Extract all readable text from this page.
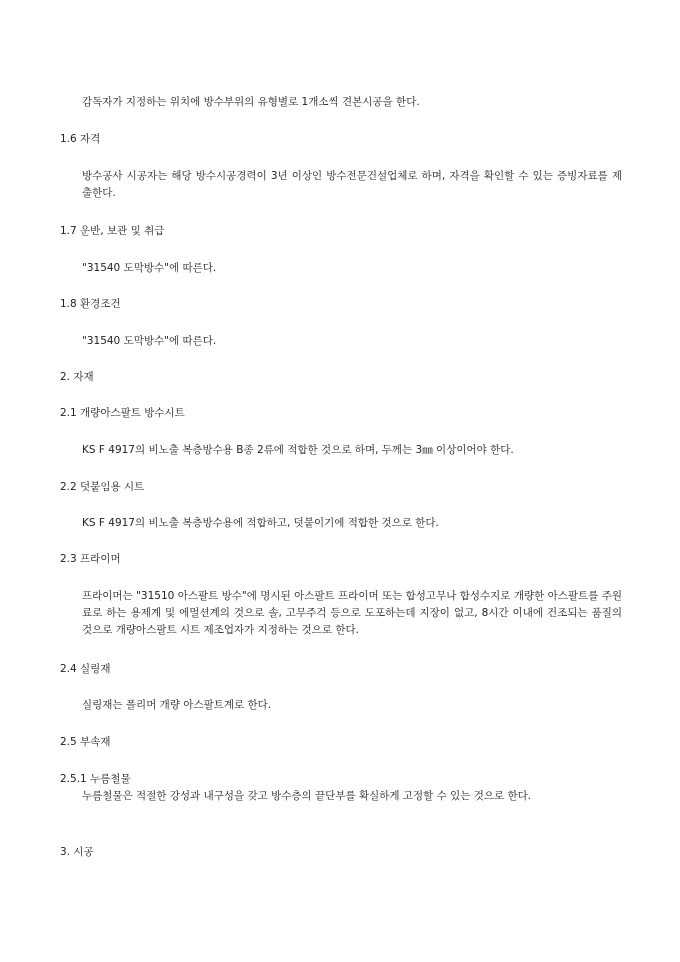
감독자가 지정하는 위치에 방수부위의 유형별로 1개소씩 견본시공을 한다.

1.6 자격

방수공사 시공자는 해당 방수시공경력이 3년 이상인 방수전문건설업체로 하며, 자격을 확인할 수 있는 증빙자료를 제출한다.

1.7 운반, 보관 및 취급

"31540 도막방수"에 따른다.

1.8 환경조건

"31540 도막방수"에 따른다.

2. 자재

2.1 개량아스팔트 방수시트

KS F 4917의 비노출 복층방수용 B종 2류에 적합한 것으로 하며, 두께는 3㎜ 이상이어야 한다.

2.2 덧붙임용 시트

KS F 4917의 비노출 복층방수용에 적합하고, 덧붙이기에 적합한 것으로 한다.

2.3 프라이머

프라이머는 "31510 아스팔트 방수"에 명시된 아스팔트 프라이머 또는 합성고무나 합성수지로 개량한 아스팔트를 주원료로 하는 용제계 및 에멀션계의 것으로 솔, 고무주걱 등으로 도포하는데 지장이 없고, 8시간 이내에 건조되는 품질의 것으로 개량아스팔트 시트 제조업자가 지정하는 것으로 한다.

2.4 실링재

실링재는 폴리머 개량 아스팔트계로 한다.

2.5 부속재

2.5.1 누름철물

누름철물은 적절한 강성과 내구성을 갖고 방수층의 끝단부를 확실하게 고정할 수 있는 것으로 한다.

3. 시공
